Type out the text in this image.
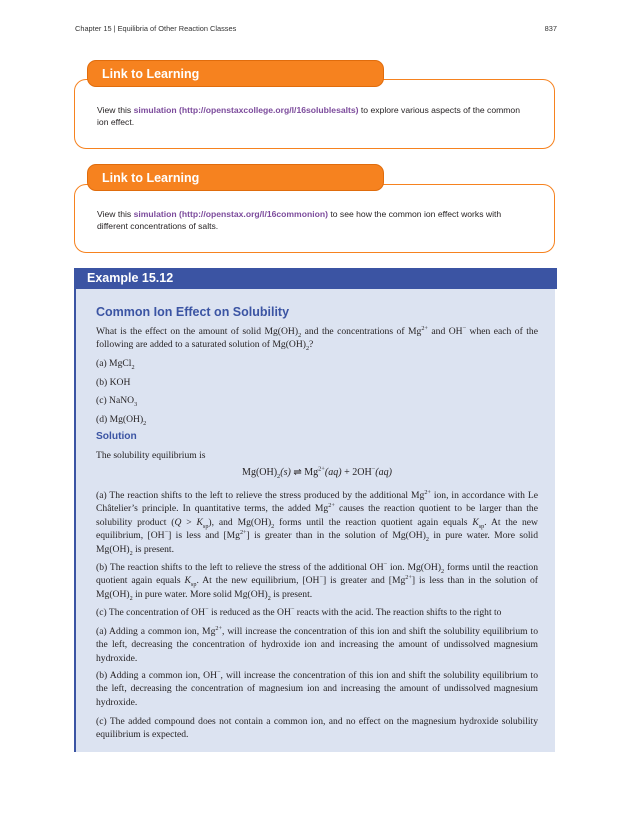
Chapter 15 | Equilibria of Other Reaction Classes	837
Link to Learning
View this simulation (http://openstaxcollege.org/l/16solublesalts) to explore various aspects of the common ion effect.
Link to Learning
View this simulation (http://openstax.org/l/16commonion) to see how the common ion effect works with different concentrations of salts.
Example 15.12
Common Ion Effect on Solubility
What is the effect on the amount of solid $Mg(OH)_2$ and the concentrations of $Mg^{2+}$ and OH− when each of the following are added to a saturated solution of $Mg(OH)_2$?
(a) MgCl$_2$
(b) KOH
(c) NaNO$_3$
(d) $Mg(OH)_2$
Solution
The solubility equilibrium is
$Mg(OH)_2(s)$ ⇌ $Mg^{2+}(aq) + 2OH^-(aq)$
(a) The reaction shifts to the left to relieve the stress produced by the additional $Mg^{2+}$ ion, in accordance with Le Châtelier’s principle. In quantitative terms, the added $Mg^{2+}$ causes the reaction quotient to be larger than the solubility product $(Q > K_{sp})$, and $Mg(OH)_2$ forms until the reaction quotient again equals $K_{sp}$. At the new equilibrium, [OH−] is less and $[Mg^{2+}]$ is greater than in the solution of $Mg(OH)_2$ in pure water. More solid $Mg(OH)_2$ is present.
(b) The reaction shifts to the left to relieve the stress of the additional OH− ion. $Mg(OH)_2$ forms until the reaction quotient again equals $K_{sp}$. At the new equilibrium, [OH−] is greater and $[Mg^{2+}]$ is less than in the solution of $Mg(OH)_2$ in pure water. More solid $Mg(OH)_2$ is present.
(c) The concentration of OH− is reduced as the OH− reacts with the acid. The reaction shifts to the right to
(a) Adding a common ion, $Mg^{2+}$, will increase the concentration of this ion and shift the solubility equilibrium to the left, decreasing the concentration of hydroxide ion and increasing the amount of undissolved magnesium hydroxide.
(b) Adding a common ion, OH−, will increase the concentration of this ion and shift the solubility equilibrium to the left, decreasing the concentration of magnesium ion and increasing the amount of undissolved magnesium hydroxide.
(c) The added compound does not contain a common ion, and no effect on the magnesium hydroxide solubility equilibrium is expected.
